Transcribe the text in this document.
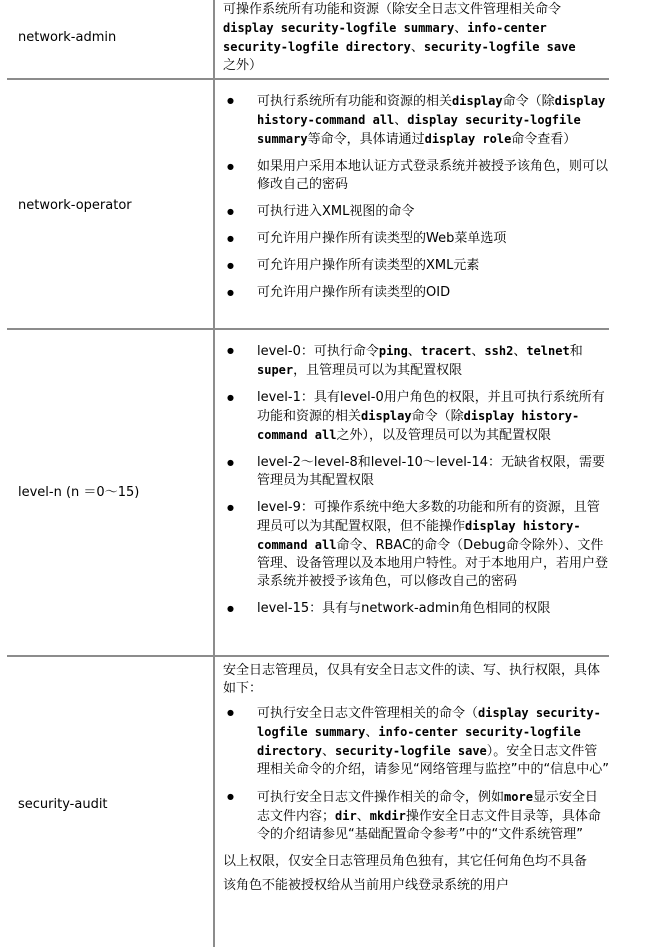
network-admin
可操作系统所有功能和资源（除安全日志文件管理相关命令display security-logfile summary、info-center security-logfile directory、security-logfile save之外）
network-operator
● 可执行系统所有功能和资源的相关display命令（除display history-command all、display security-logfile summary等命令，具体请通过display role命令查看）
● 如果用户采用本地认证方式登录系统并被授予该角色，则可以修改自己的密码
● 可执行进入XML视图的命令
● 可允许用户操作所有读类型的Web菜单选项
● 可允许用户操作所有读类型的XML元素
● 可允许用户操作所有读类型的OID
level-n (n ＝0～15)
● level-0：可执行命令ping、tracert、ssh2、telnet和super，且管理员可以为其配置权限
● level-1：具有level-0用户角色的权限，并且可执行系统所有功能和资源的相关display命令（除display history-command all之外），以及管理员可以为其配置权限
● level-2～level-8和level-10～level-14：无缺省权限，需要管理员为其配置权限
● level-9：可操作系统中绝大多数的功能和所有的资源，且管理员可以为其配置权限，但不能操作display history-command all命令、RBAC的命令（Debug命令除外）、文件管理、设备管理以及本地用户特性。对于本地用户，若用户登录系统并被授予该角色，可以修改自己的密码
● level-15：具有与network-admin角色相同的权限
security-audit
安全日志管理员，仅具有安全日志文件的读、写、执行权限，具体如下：
● 可执行安全日志文件管理相关的命令（display security-logfile summary、info-center security-logfile directory、security-logfile save）。安全日志文件管理相关命令的介绍，请参见“网络管理与监控”中的“信息中心”
● 可执行安全日志文件操作相关的命令，例如more显示安全日志文件内容；dir、mkdir操作安全日志文件目录等，具体命令的介绍请参见“基础配置命令参考”中的“文件系统管理”
以上权限，仅安全日志管理员角色独有，其它任何角色均不具备
该角色不能被授权给从当前用户线登录系统的用户
